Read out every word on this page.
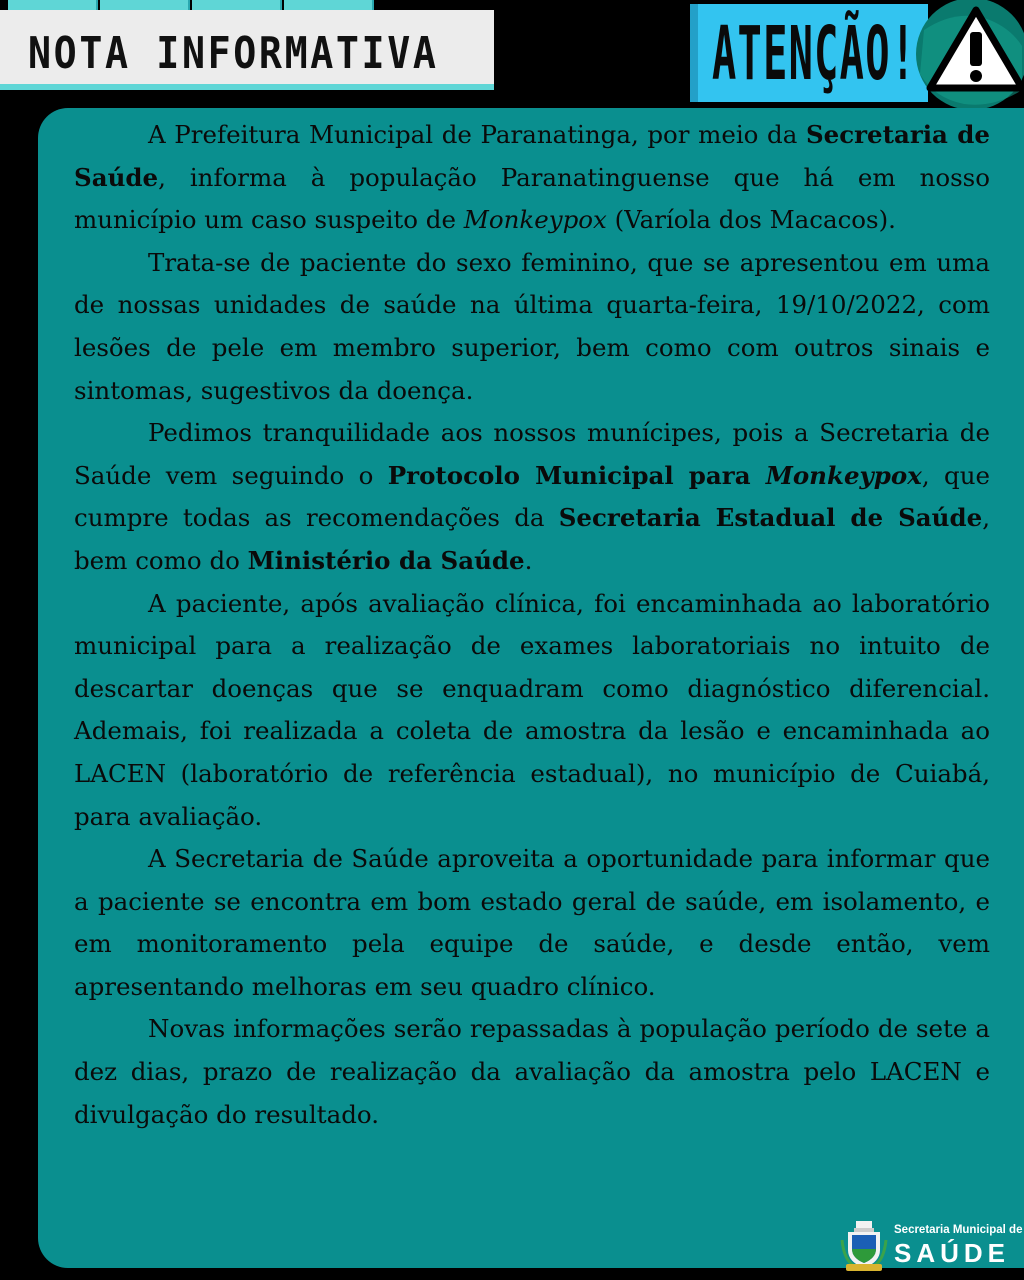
NOTA INFORMATIVA	ATENÇÃO!

A Prefeitura Municipal de Paranatinga, por meio da Secretaria de Saúde, informa à população Paranatinguense que há em nosso município um caso suspeito de Monkeypox (Varíola dos Macacos).

Trata-se de paciente do sexo feminino, que se apresentou em uma de nossas unidades de saúde na última quarta-feira, 19/10/2022, com lesões de pele em membro superior, bem como com outros sinais e sintomas, sugestivos da doença.

Pedimos tranquilidade aos nossos munícipes, pois a Secretaria de Saúde vem seguindo o Protocolo Municipal para Monkeypox, que cumpre todas as recomendações da Secretaria Estadual de Saúde, bem como do Ministério da Saúde.

A paciente, após avaliação clínica, foi encaminhada ao laboratório municipal para a realização de exames laboratoriais no intuito de descartar doenças que se enquadram como diagnóstico diferencial. Ademais, foi realizada a coleta de amostra da lesão e encaminhada ao LACEN (laboratório de referência estadual), no município de Cuiabá, para avaliação.

A Secretaria de Saúde aproveita a oportunidade para informar que a paciente se encontra em bom estado geral de saúde, em isolamento, e em monitoramento pela equipe de saúde, e desde então, vem apresentando melhoras em seu quadro clínico.

Novas informações serão repassadas à população período de sete a dez dias, prazo de realização da avaliação da amostra pelo LACEN e divulgação do resultado.

Secretaria Municipal de
SAÚDE
